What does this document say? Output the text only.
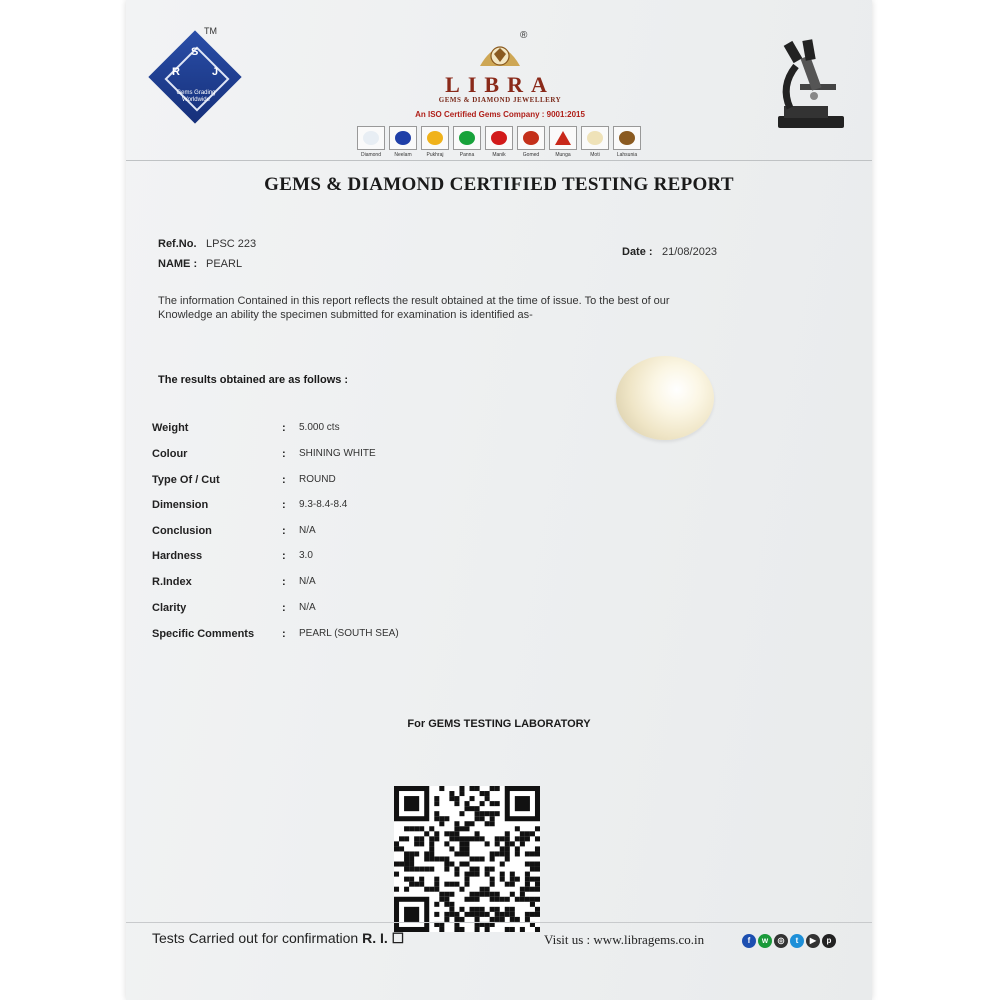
S
R	J
Gems Grading Worldwide
TM	®
LIBRA
GEMS & DIAMOND JEWELLERY
An ISO Certified Gems Company : 9001:2015
Diamond	Neelam	Pukhraj	Panna	Manik	Gomed	Munga	Moti	Lahsunia
GEMS & DIAMOND CERTIFIED TESTING REPORT
Ref.No. LPSC 223
NAME : PEARL
Date : 21/08/2023
The information Contained in this report reflects the result obtained at the time of issue. To the best of our
Knowledge an ability the specimen submitted for examination is identified as-
The results obtained are as follows :
Weight	: 5.000 cts
Colour	: SHINING WHITE
Type Of / Cut	: ROUND
Dimension	: 9.3-8.4-8.4
Conclusion	: N/A
Hardness	: 3.0
R.Index	: N/A
Clarity	: N/A
Specific Comments	: PEARL (SOUTH SEA)
For GEMS TESTING LABORATORY
Tests Carried out for confirmation R. I. ☐	Visit us : www.libragems.co.in	f	w	◎	t	▶	p
